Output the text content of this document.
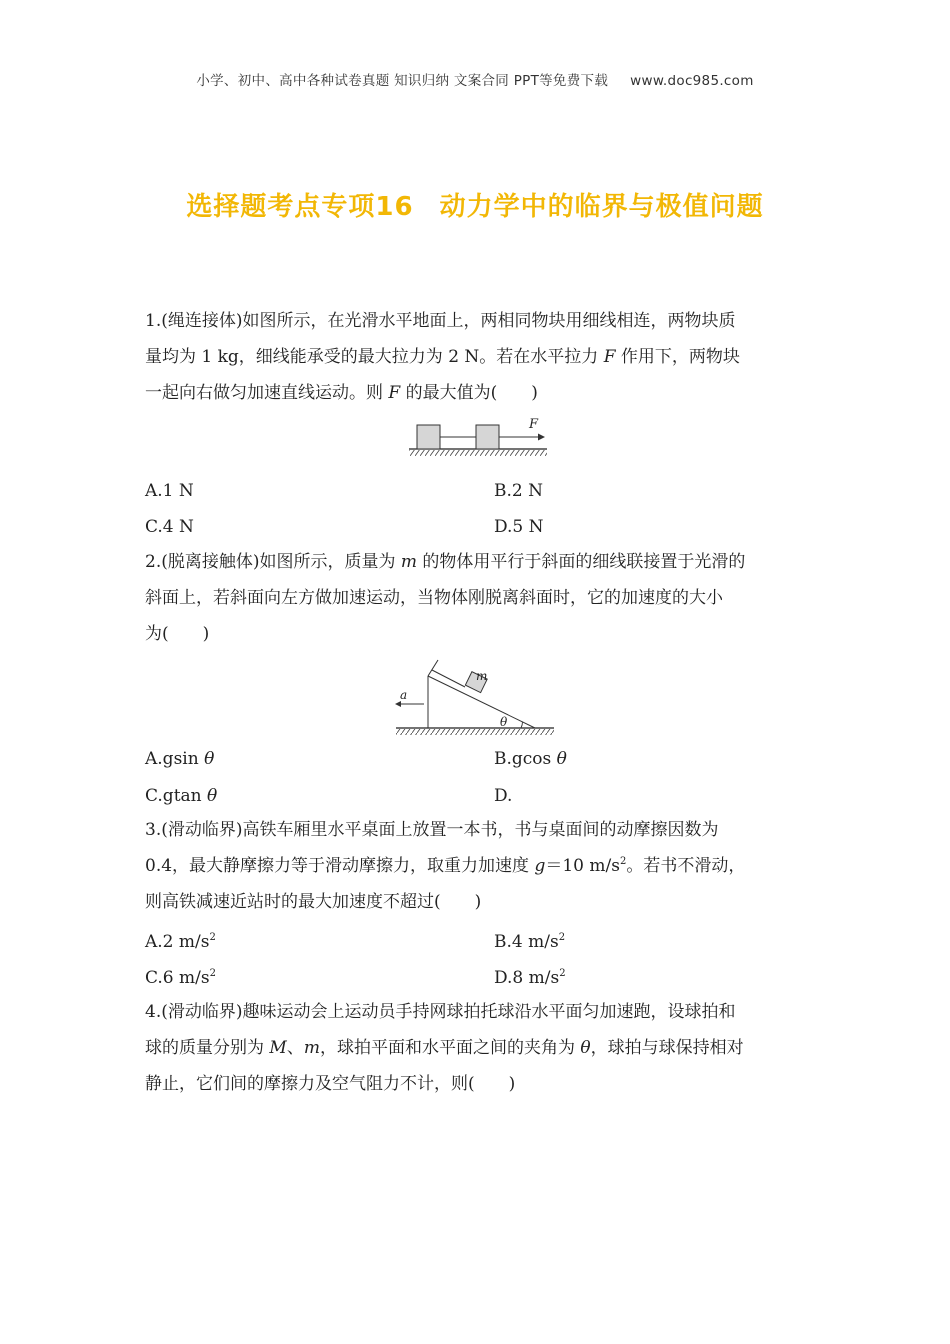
小学、初中、高中各种试卷真题 知识归纳 文案合同 PPT等免费下载 www.doc985.com
选择题考点专项16 动力学中的临界与极值问题
1.(绳连接体)如图所示，在光滑水平地面上，两相同物块用细线相连，两物块质
量均为 1 kg，细线能承受的最大拉力为 2 N。若在水平拉力 F 作用下，两物块
一起向右做匀加速直线运动。则 F 的最大值为(　　)
F
A.1 N	B.2 N
C.4 N	D.5 N
2.(脱离接触体)如图所示，质量为 m 的物体用平行于斜面的细线联接置于光滑的
斜面上，若斜面向左方做加速运动，当物体刚脱离斜面时，它的加速度的大小
为(　　)
m
a
θ
A.gsin θ	B.gcos θ
C.gtan θ	D.
3.(滑动临界)高铁车厢里水平桌面上放置一本书，书与桌面间的动摩擦因数为
0.4，最大静摩擦力等于滑动摩擦力，取重力加速度 g＝10 $m/s^2$。若书不滑动，
则高铁减速近站时的最大加速度不超过(　　)
A.2 $m/s^2$	B.4 $m/s^2$
C.6 $m/s^2$	D.8 $m/s^2$
4.(滑动临界)趣味运动会上运动员手持网球拍托球沿水平面匀加速跑，设球拍和
球的质量分别为 M、m，球拍平面和水平面之间的夹角为 θ，球拍与球保持相对
静止，它们间的摩擦力及空气阻力不计，则(　　)
